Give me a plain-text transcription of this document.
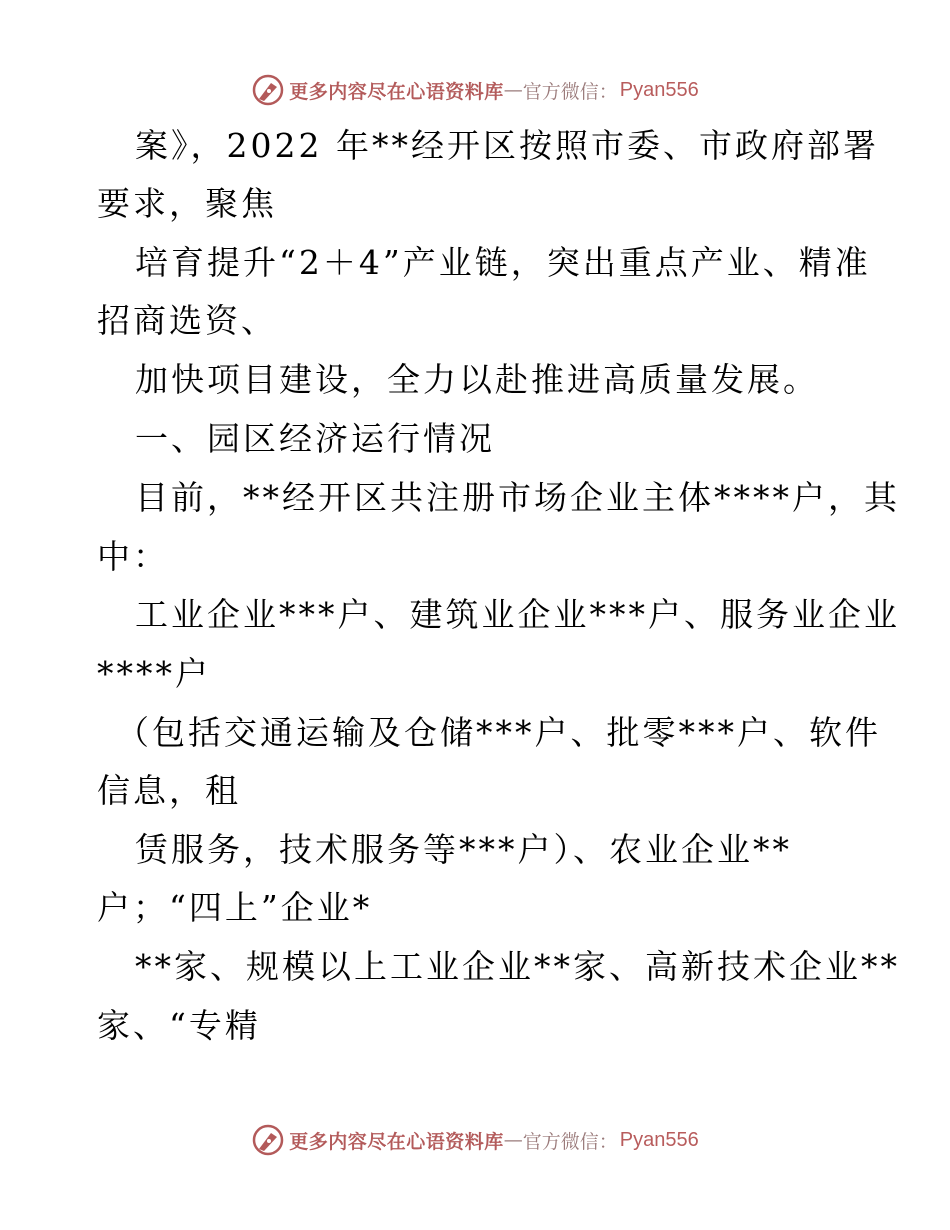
更多内容尽在心语资料库 — 官方微信： Pyan556
案》，2022 年**经开区按照市委、市政府部署
要求，聚焦
培育提升“2＋4”产业链，突出重点产业、精准
招商选资、
加快项目建设，全力以赴推进高质量发展。
一、园区经济运行情况
目前，**经开区共注册市场企业主体****户，其
中：
工业企业***户、建筑业企业***户、服务业企业
****户
（包括交通运输及仓储***户、批零***户、软件
信息，租
赁服务，技术服务等***户）、农业企业**
户；“四上”企业*
**家、规模以上工业企业**家、高新技术企业**
家、“专精
更多内容尽在心语资料库 — 官方微信： Pyan556
